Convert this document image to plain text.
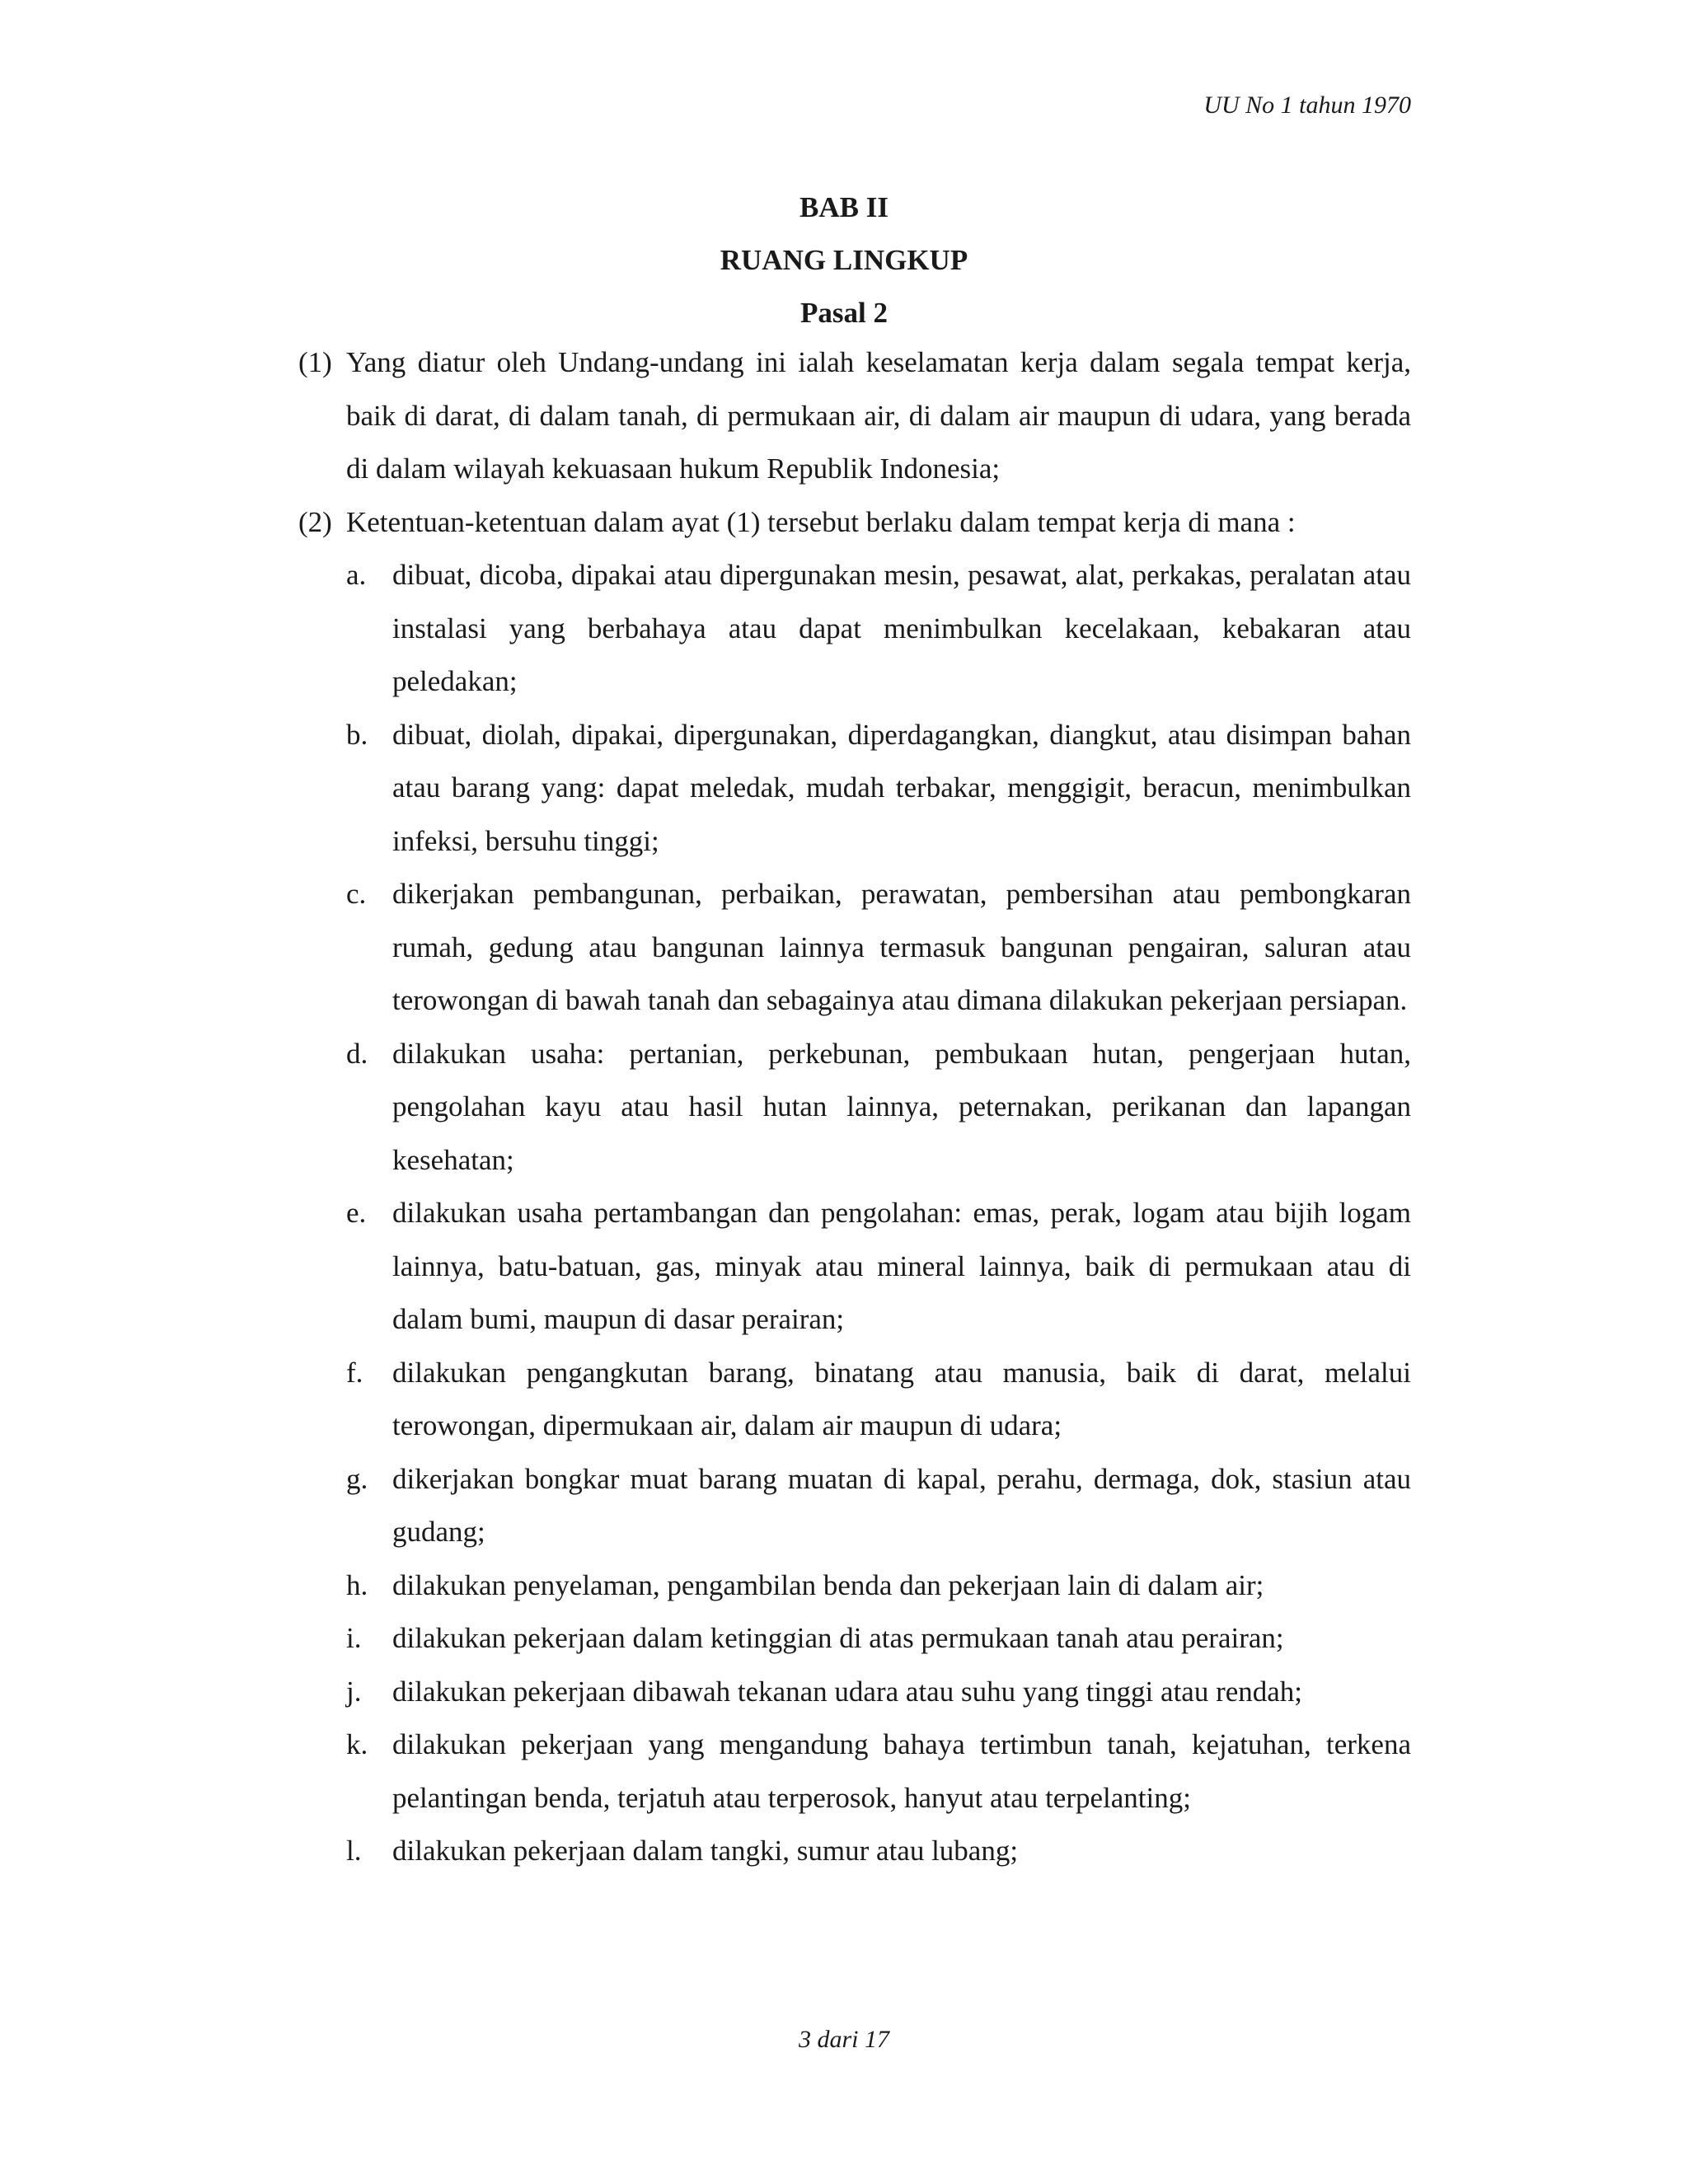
UU No 1 tahun 1970
BAB II
RUANG LINGKUP
Pasal 2
(1) Yang diatur oleh Undang-undang ini ialah keselamatan kerja dalam segala tempat kerja, baik di darat, di dalam tanah, di permukaan air, di dalam air maupun di udara, yang berada di dalam wilayah kekuasaan hukum Republik Indonesia;
(2) Ketentuan-ketentuan dalam ayat (1) tersebut berlaku dalam tempat kerja di mana :
a. dibuat, dicoba, dipakai atau dipergunakan mesin, pesawat, alat, perkakas, peralatan atau instalasi yang berbahaya atau dapat menimbulkan kecelakaan, kebakaran atau peledakan;
b. dibuat, diolah, dipakai, dipergunakan, diperdagangkan, diangkut, atau disimpan bahan atau barang yang: dapat meledak, mudah terbakar, menggigit, beracun, menimbulkan infeksi, bersuhu tinggi;
c. dikerjakan pembangunan, perbaikan, perawatan, pembersihan atau pembongkaran rumah, gedung atau bangunan lainnya termasuk bangunan pengairan, saluran atau terowongan di bawah tanah dan sebagainya atau dimana dilakukan pekerjaan persiapan.
d. dilakukan usaha: pertanian, perkebunan, pembukaan hutan, pengerjaan hutan, pengolahan kayu atau hasil hutan lainnya, peternakan, perikanan dan lapangan kesehatan;
e. dilakukan usaha pertambangan dan pengolahan: emas, perak, logam atau bijih logam lainnya, batu-batuan, gas, minyak atau mineral lainnya, baik di permukaan atau di dalam bumi, maupun di dasar perairan;
f.	dilakukan pengangkutan barang, binatang atau manusia, baik di darat, melalui terowongan, dipermukaan air, dalam air maupun di udara;
g. dikerjakan bongkar muat barang muatan di kapal, perahu, dermaga, dok, stasiun atau gudang;
h. dilakukan penyelaman, pengambilan benda dan pekerjaan lain di dalam air;
i.	dilakukan pekerjaan dalam ketinggian di atas permukaan tanah atau perairan;
j.	dilakukan pekerjaan dibawah tekanan udara atau suhu yang tinggi atau rendah;
k. dilakukan pekerjaan yang mengandung bahaya tertimbun tanah, kejatuhan, terkena pelantingan benda, terjatuh atau terperosok, hanyut atau terpelanting;
l.	dilakukan pekerjaan dalam tangki, sumur atau lubang;
3 dari 17
